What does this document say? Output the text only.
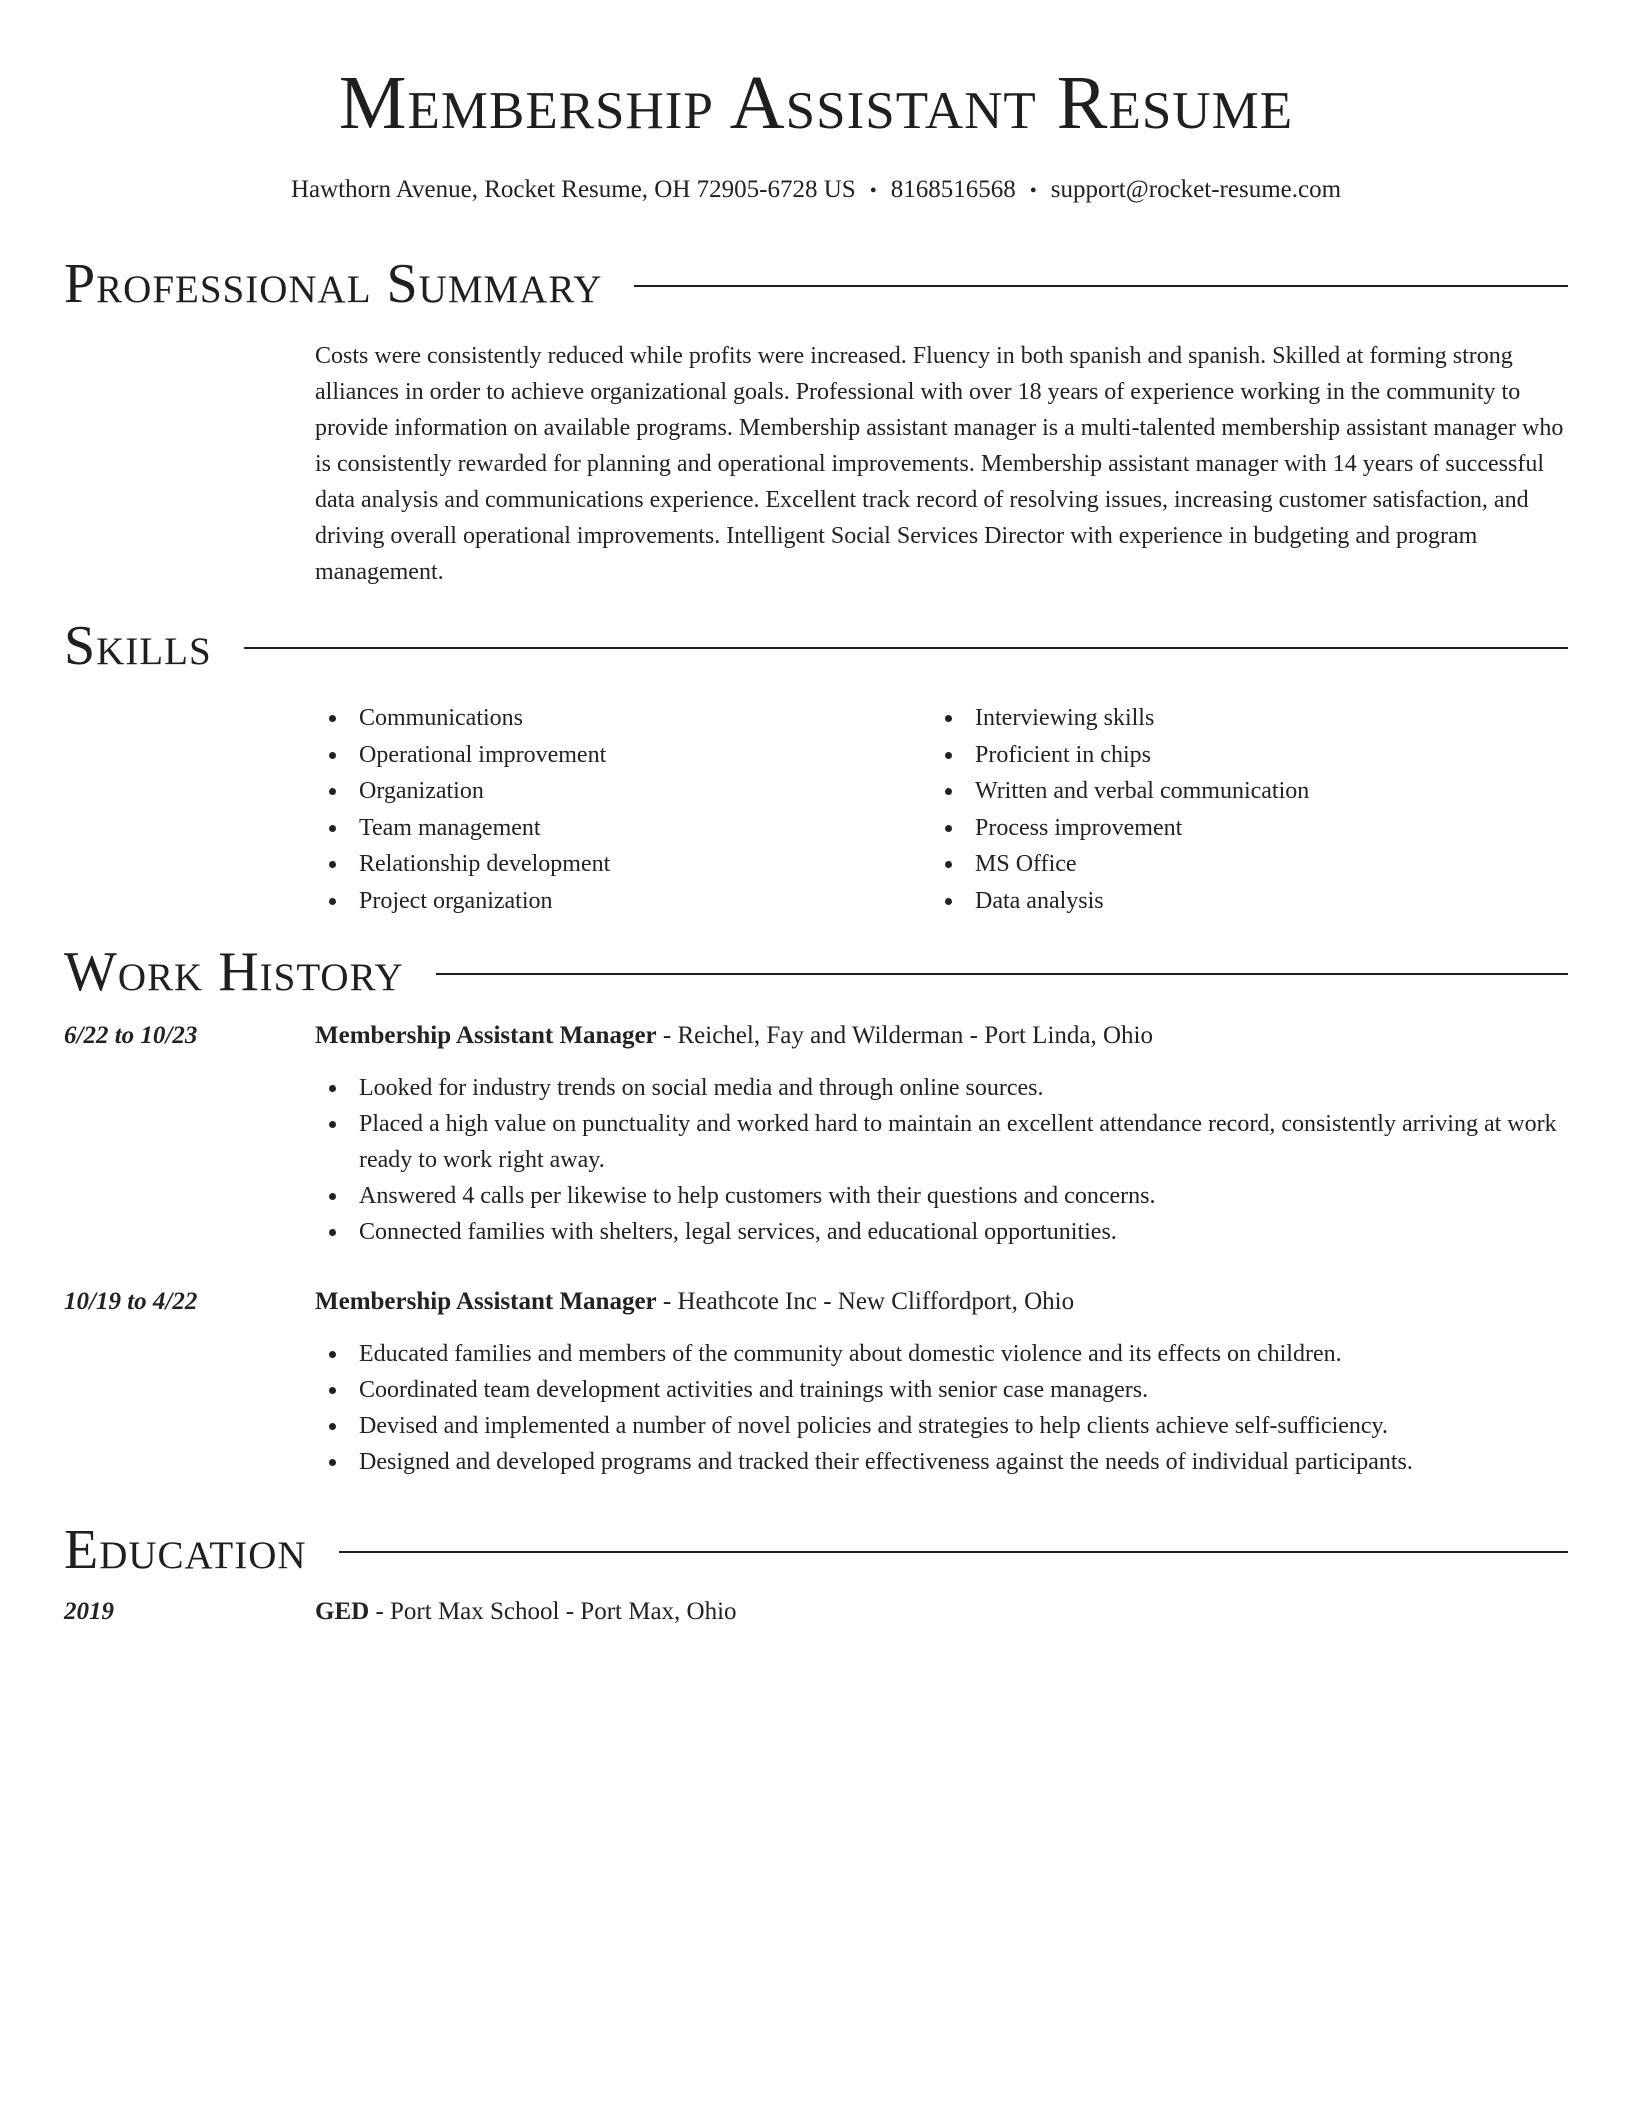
Membership Assistant Resume
Hawthorn Avenue, Rocket Resume, OH 72905-6728 US • 8168516568 • support@rocket-resume.com
Professional Summary

Costs were consistently reduced while profits were increased. Fluency in both spanish and spanish. Skilled at forming strong alliances in order to achieve organizational goals. Professional with over 18 years of experience working in the community to provide information on available programs. Membership assistant manager is a multi-talented membership assistant manager who is consistently rewarded for planning and operational improvements. Membership assistant manager with 14 years of successful data analysis and communications experience. Excellent track record of resolving issues, increasing customer satisfaction, and driving overall operational improvements. Intelligent Social Services Director with experience in budgeting and program management.

Skills
Communications
Operational improvement
Organization
Team management
Relationship development
Project organization
Interviewing skills
Proficient in chips
Written and verbal communication
Process improvement
MS Office
Data analysis
Work History
6/22 to 10/23	Membership Assistant Manager - Reichel, Fay and Wilderman - Port Linda, Ohio
Looked for industry trends on social media and through online sources.
Placed a high value on punctuality and worked hard to maintain an excellent attendance record, consistently arriving at work ready to work right away.
Answered 4 calls per likewise to help customers with their questions and concerns.
Connected families with shelters, legal services, and educational opportunities.
10/19 to 4/22	Membership Assistant Manager - Heathcote Inc - New Cliffordport, Ohio
Educated families and members of the community about domestic violence and its effects on children.
Coordinated team development activities and trainings with senior case managers.
Devised and implemented a number of novel policies and strategies to help clients achieve self-sufficiency.
Designed and developed programs and tracked their effectiveness against the needs of individual participants.
Education
2019	GED - Port Max School - Port Max, Ohio
